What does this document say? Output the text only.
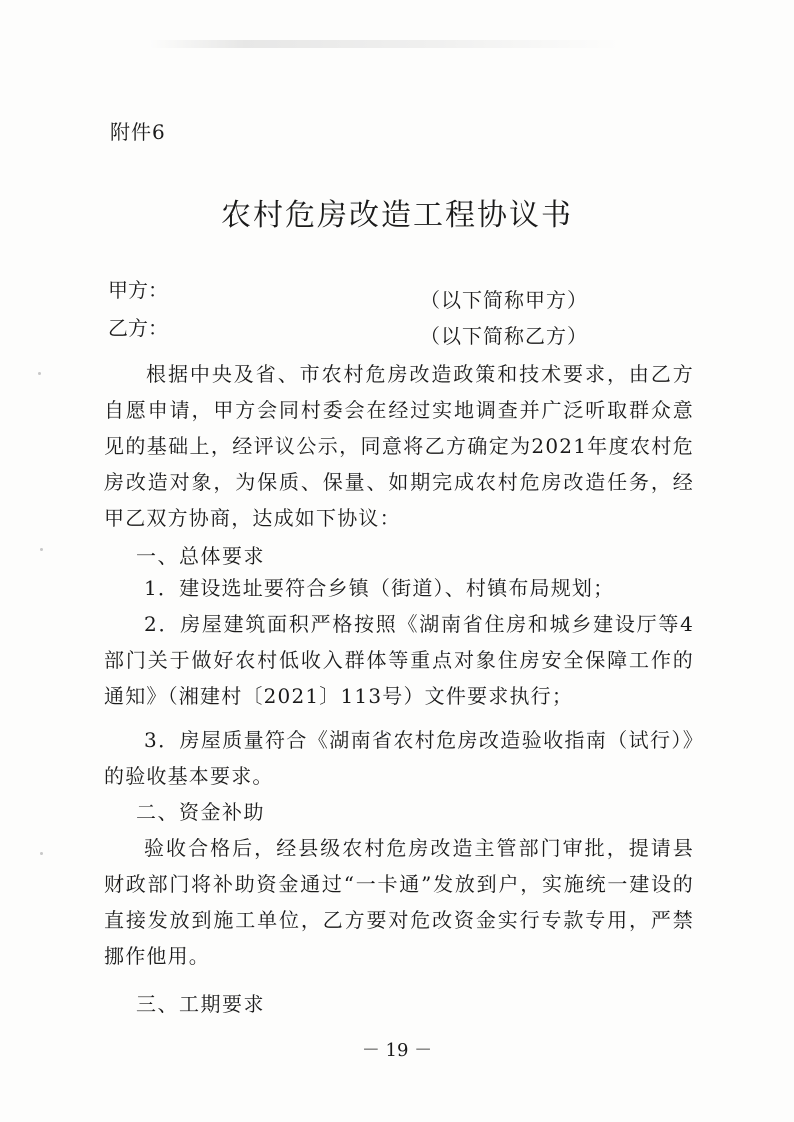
附件6
农村危房改造工程协议书
甲方：	（以下简称甲方）
乙方：	（以下简称乙方）
根据中央及省、市农村危房改造政策和技术要求，由乙方自愿申请，甲方会同村委会在经过实地调查并广泛听取群众意见的基础上，经评议公示，同意将乙方确定为2021年度农村危房改造对象，为保质、保量、如期完成农村危房改造任务，经甲乙双方协商，达成如下协议：
一、总体要求
1．建设选址要符合乡镇（街道）、村镇布局规划；
2．房屋建筑面积严格按照《湖南省住房和城乡建设厅等4部门关于做好农村低收入群体等重点对象住房安全保障工作的通知》（湘建村〔2021〕113号）文件要求执行；
3．房屋质量符合《湖南省农村危房改造验收指南（试行）》的验收基本要求。
二、资金补助
验收合格后，经县级农村危房改造主管部门审批，提请县财政部门将补助资金通过“一卡通”发放到户，实施统一建设的直接发放到施工单位，乙方要对危改资金实行专款专用，严禁挪作他用。
三、工期要求
－ 19 －
